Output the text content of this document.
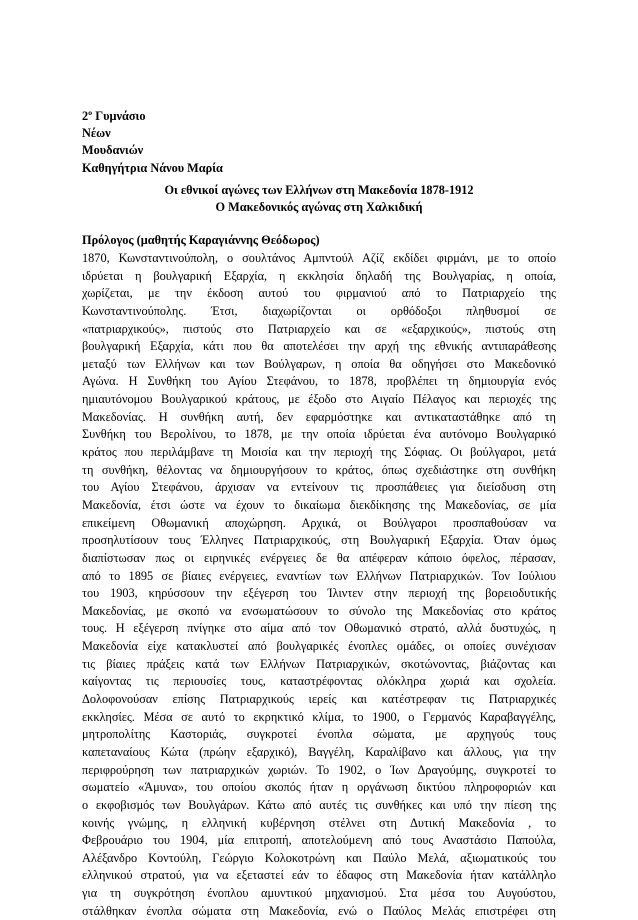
2º Γυμνάσιο
Νέων
Μουδανιών
Καθηγήτρια Νάνου Μαρία
Οι εθνικοί αγώνες των Ελλήνων στη Μακεδονία 1878-1912
Ο Μακεδονικός αγώνας στη Χαλκιδική
Πρόλογος (μαθητής Καραγιάννης Θεόδωρος)
1870, Κωνσταντινούπολη, ο σουλτάνος Αμπντούλ Αζίζ εκδίδει φιρμάνι, με το οποίο
ιδρύεται η βουλγαρική Εξαρχία, η εκκλησία δηλαδή της Βουλγαρίας, η οποία,
χωρίζεται, με την έκδοση αυτού του φιρμανιού από το Πατριαρχείο της
Κωνσταντινούπολης. Έτσι, διαχωρίζονται οι ορθόδοξοι πληθυσμοί σε
«πατριαρχικούς», πιστούς στο Πατριαρχείο και σε «εξαρχικούς», πιστούς στη
βουλγαρική Εξαρχία, κάτι που θα αποτελέσει την αρχή της εθνικής αντιπαράθεσης
μεταξύ των Ελλήνων και των Βούλγαρων, η οποία θα οδηγήσει στο Μακεδονικό
Αγώνα. Η Συνθήκη του Αγίου Στεφάνου, το 1878, προβλέπει τη δημιουργία ενός
ημιαυτόνομου Βουλγαρικού κράτους, με έξοδο στο Αιγαίο Πέλαγος και περιοχές της
Μακεδονίας. Η συνθήκη αυτή, δεν εφαρμόστηκε και αντικαταστάθηκε από τη
Συνθήκη του Βερολίνου, το 1878, με την οποία ιδρύεται ένα αυτόνομο Βουλγαρικό
κράτος που περιλάμβανε τη Μοισία και την περιοχή της Σόφιας. Οι βούλγαροι, μετά
τη συνθήκη, θέλοντας να δημιουργήσουν το κράτος, όπως σχεδιάστηκε στη συνθήκη
του Αγίου Στεφάνου, άρχισαν να εντείνουν τις προσπάθειες για διείσδυση στη
Μακεδονία, έτσι ώστε να έχουν το δικαίωμα διεκδίκησης της Μακεδονίας, σε μία
επικείμενη Οθωμανική αποχώρηση. Αρχικά, οι Βούλγαροι προσπαθούσαν να
προσηλυτίσουν τους Έλληνες Πατριαρχικούς, στη Βουλγαρική Εξαρχία. Όταν όμως
διαπίστωσαν πως οι ειρηνικές ενέργειες δε θα απέφεραν κάποιο όφελος, πέρασαν,
από το 1895 σε βίαιες ενέργειες, εναντίων των Ελλήνων Πατριαρχικών. Τον Ιούλιου
του 1903, κηρύσσουν την εξέγερση του Ίλιντεν στην περιοχή της βορειοδυτικής
Μακεδονίας, με σκοπό να ενσωματώσουν το σύνολο της Μακεδονίας στο κράτος
τους. Η εξέγερση πνίγηκε στο αίμα από τον Οθωμανικό στρατό, αλλά δυστυχώς, η
Μακεδονία είχε κατακλυστεί από βουλγαρικές ένοπλες ομάδες, οι οποίες συνέχισαν
τις βίαιες πράξεις κατά των Ελλήνων Πατριαρχικών, σκοτώνοντας, βιάζοντας και
καίγοντας τις περιουσίες τους, καταστρέφοντας ολόκληρα χωριά και σχολεία.
Δολοφονούσαν επίσης Πατριαρχικούς ιερείς και κατέστρεφαν τις Πατριαρχικές
εκκλησίες. Μέσα σε αυτό το εκρηκτικό κλίμα, το 1900, ο Γερμανός Καραβαγγέλης,
μητροπολίτης Καστοριάς, συγκροτεί ένοπλα σώματα, με αρχηγούς τους
καπεταναίους Κώτα (πρώην εξαρχικό), Βαγγέλη, Καραλίβανο και άλλους, για την
περιφρούρηση των πατριαρχικών χωριών. Το 1902, ο Ίων Δραγούμης, συγκροτεί το
σωματείο «Άμυνα», του οποίου σκοπός ήταν η οργάνωση δικτύου πληροφοριών και
ο εκφοβισμός των Βουλγάρων. Κάτω από αυτές τις συνθήκες και υπό την πίεση της
κοινής γνώμης, η ελληνική κυβέρνηση στέλνει στη Δυτική Μακεδονία , το
Φεβρουάριο του 1904, μία επιτροπή, αποτελούμενη από τους Αναστάσιο Παπούλα,
Αλέξανδρο Κοντούλη, Γεώργιο Κολοκοτρώνη και Παύλο Μελά, αξιωματικούς του
ελληνικού στρατού, για να εξεταστεί εάν το έδαφος στη Μακεδονία ήταν κατάλληλο
για τη συγκρότηση ένοπλου αμυντικού μηχανισμού. Στα μέσα του Αυγούστου,
στάλθηκαν ένοπλα σώματα στη Μακεδονία, ενώ ο Παύλος Μελάς επιστρέφει στη
